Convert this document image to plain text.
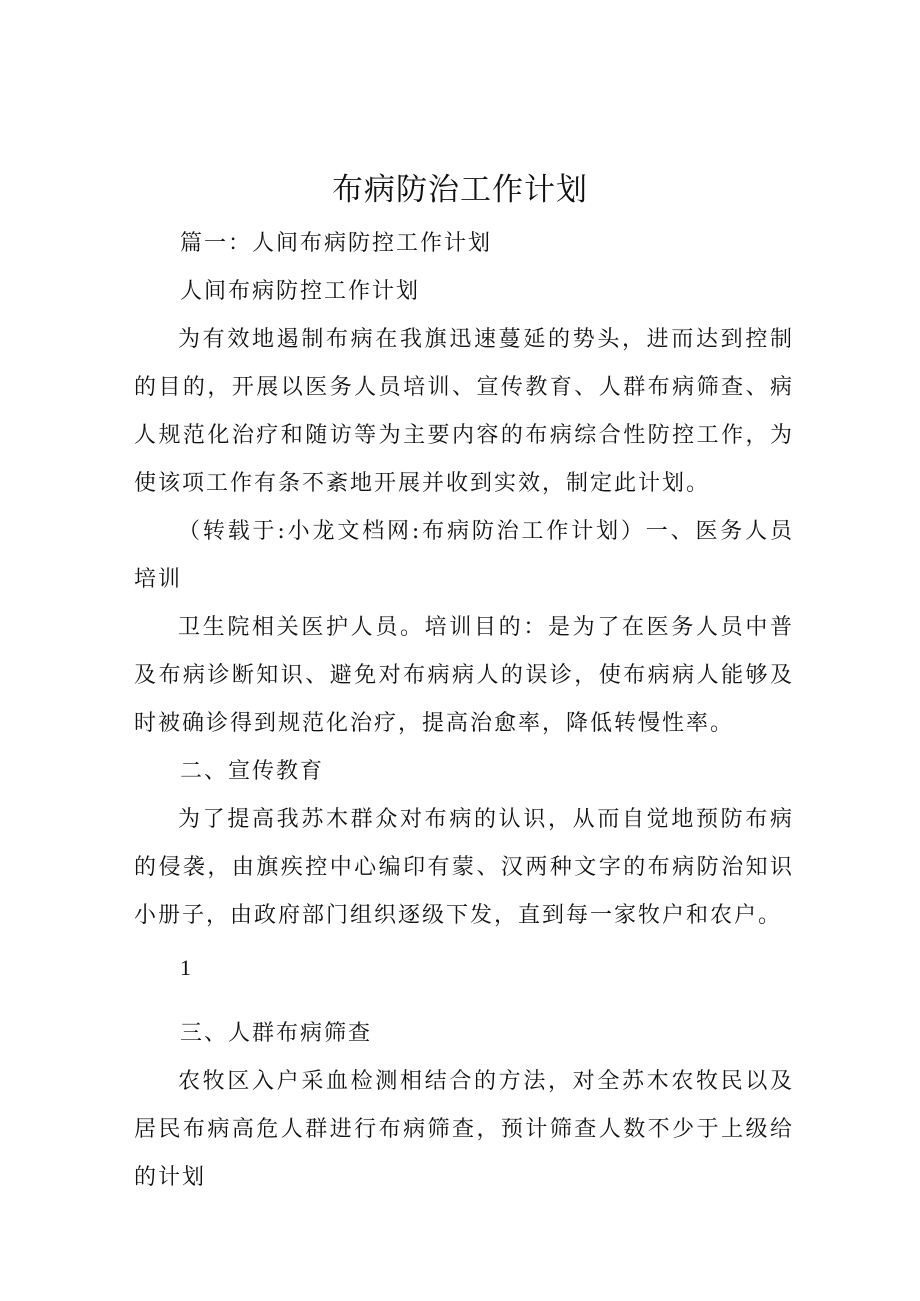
布病防治工作计划
篇一：人间布病防控工作计划
人间布病防控工作计划

为有效地遏制布病在我旗迅速蔓延的势头，进而达到控制的目的，开展以医务人员培训、宣传教育、人群布病筛查、病人规范化治疗和随访等为主要内容的布病综合性防控工作，为使该项工作有条不紊地开展并收到实效，制定此计划。

（转载于:小龙文档网:布病防治工作计划）一、医务人员培训

卫生院相关医护人员。培训目的：是为了在医务人员中普及布病诊断知识、避免对布病病人的误诊，使布病病人能够及时被确诊得到规范化治疗，提高治愈率，降低转慢性率。

二、宣传教育

为了提高我苏木群众对布病的认识，从而自觉地预防布病的侵袭，由旗疾控中心编印有蒙、汉两种文字的布病防治知识小册子，由政府部门组织逐级下发，直到每一家牧户和农户。

1
三、人群布病筛查

农牧区入户采血检测相结合的方法，对全苏木农牧民以及居民布病高危人群进行布病筛查，预计筛查人数不少于上级给的计划
